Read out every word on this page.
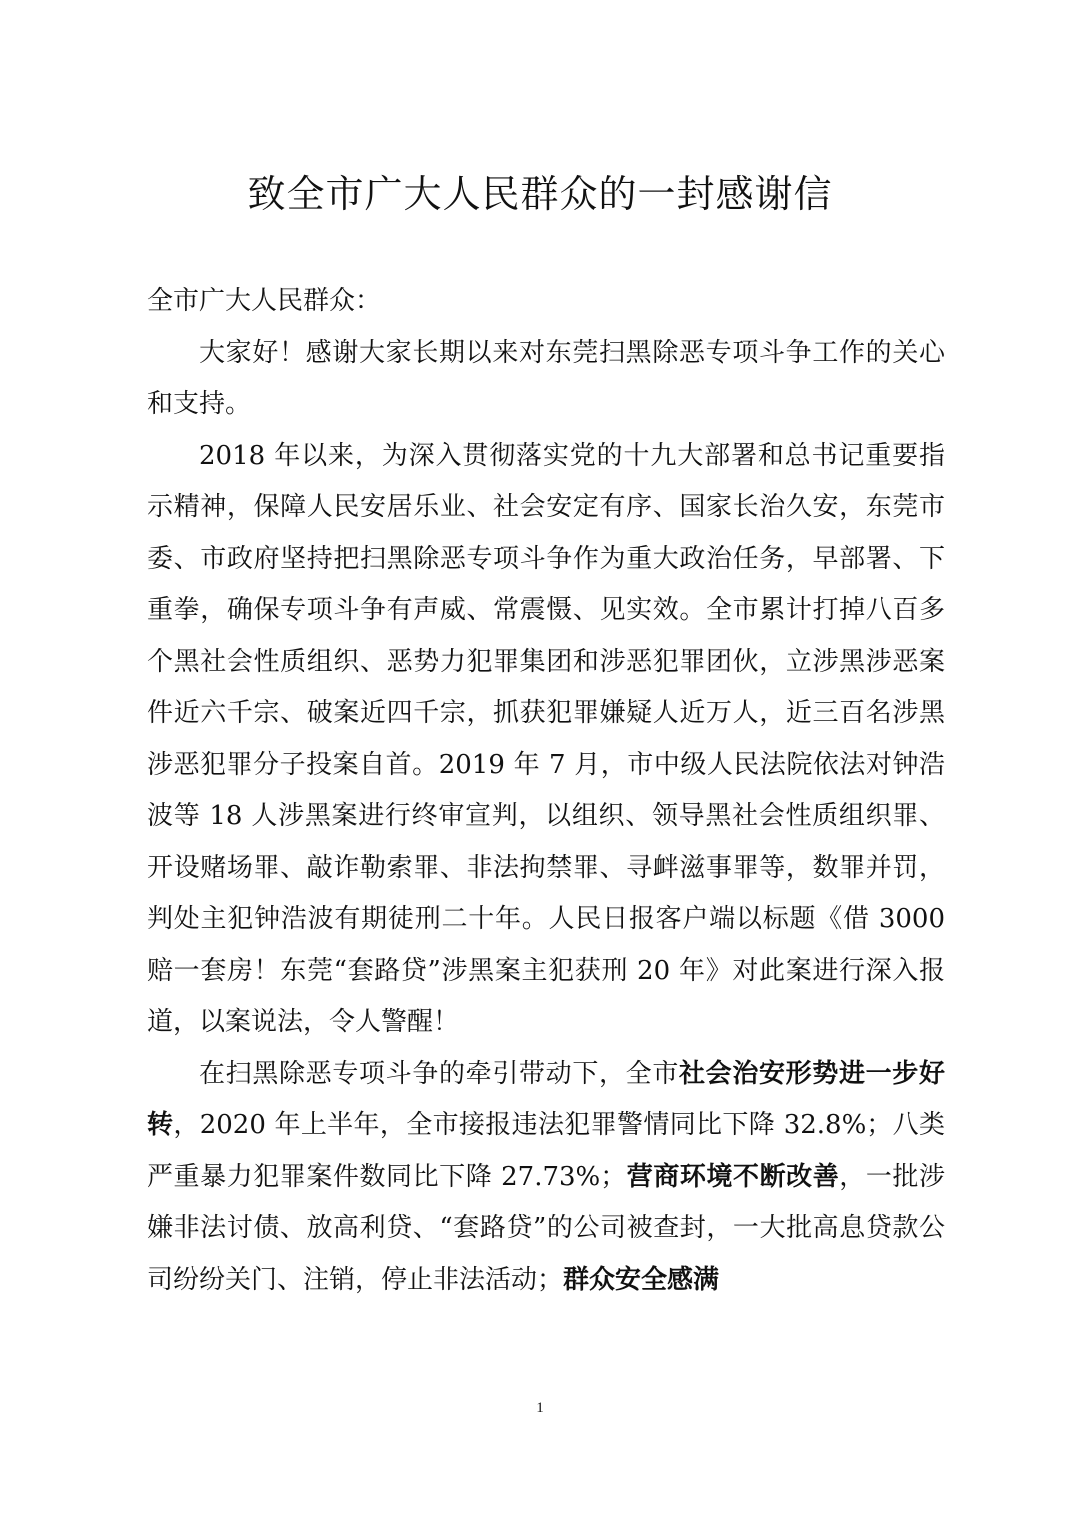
致全市广大人民群众的一封感谢信

全市广大人民群众：

大家好！感谢大家长期以来对东莞扫黑除恶专项斗争工作的关心和支持。

2018 年以来，为深入贯彻落实党的十九大部署和总书记重要指示精神，保障人民安居乐业、社会安定有序、国家长治久安，东莞市委、市政府坚持把扫黑除恶专项斗争作为重大政治任务，早部署、下重拳，确保专项斗争有声威、常震慑、见实效。全市累计打掉八百多个黑社会性质组织、恶势力犯罪集团和涉恶犯罪团伙，立涉黑涉恶案件近六千宗、破案近四千宗，抓获犯罪嫌疑人近万人，近三百名涉黑涉恶犯罪分子投案自首。2019 年 7 月，市中级人民法院依法对钟浩波等 18 人涉黑案进行终审宣判，以组织、领导黑社会性质组织罪、开设赌场罪、敲诈勒索罪、非法拘禁罪、寻衅滋事罪等，数罪并罚，判处主犯钟浩波有期徒刑二十年。人民日报客户端以标题《借 3000 赔一套房！东莞“套路贷”涉黑案主犯获刑 20 年》对此案进行深入报道，以案说法，令人警醒！

在扫黑除恶专项斗争的牵引带动下，全市社会治安形势进一步好转，2020 年上半年，全市接报违法犯罪警情同比下降 32.8%；八类严重暴力犯罪案件数同比下降 27.73%；营商环境不断改善，一批涉嫌非法讨债、放高利贷、“套路贷”的公司被查封，一大批高息贷款公司纷纷关门、注销，停止非法活动；群众安全感满

1
